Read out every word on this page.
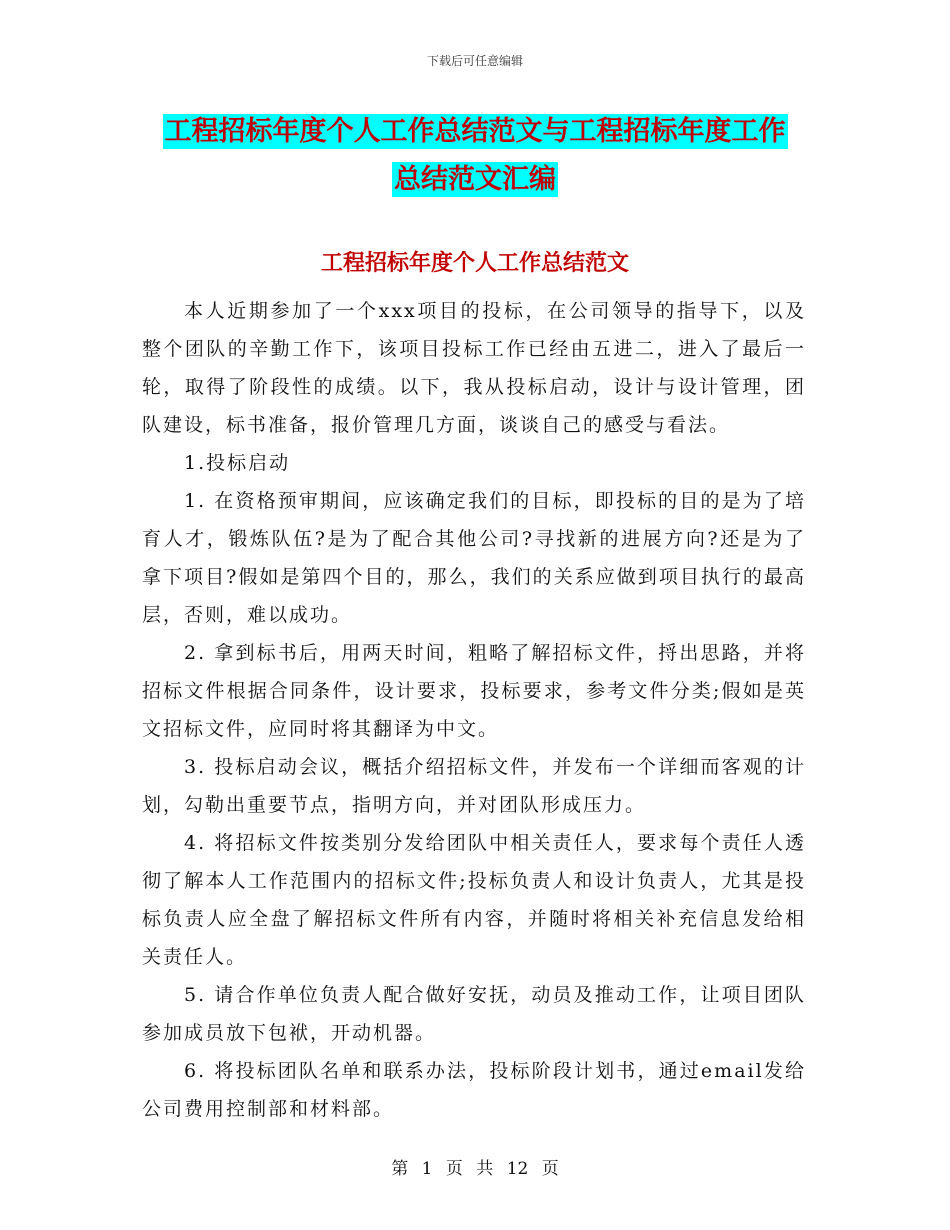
下载后可任意编辑
工程招标年度个人工作总结范文与工程招标年度工作
总结范文汇编
工程招标年度个人工作总结范文

本人近期参加了一个xxx项目的投标，在公司领导的指导下，以及整个团队的辛勤工作下，该项目投标工作已经由五进二，进入了最后一轮，取得了阶段性的成绩。以下，我从投标启动，设计与设计管理，团队建设，标书准备，报价管理几方面，谈谈自己的感受与看法。

1.投标启动

1. 在资格预审期间，应该确定我们的目标，即投标的目的是为了培育人才，锻炼队伍?是为了配合其他公司?寻找新的进展方向?还是为了拿下项目?假如是第四个目的，那么，我们的关系应做到项目执行的最高层，否则，难以成功。

2. 拿到标书后，用两天时间，粗略了解招标文件，捋出思路，并将招标文件根据合同条件，设计要求，投标要求，参考文件分类;假如是英文招标文件，应同时将其翻译为中文。

3. 投标启动会议，概括介绍招标文件，并发布一个详细而客观的计划，勾勒出重要节点，指明方向，并对团队形成压力。

4. 将招标文件按类别分发给团队中相关责任人，要求每个责任人透彻了解本人工作范围内的招标文件;投标负责人和设计负责人，尤其是投标负责人应全盘了解招标文件所有内容，并随时将相关补充信息发给相关责任人。

5. 请合作单位负责人配合做好安抚，动员及推动工作，让项目团队参加成员放下包袱，开动机器。

6. 将投标团队名单和联系办法，投标阶段计划书，通过email发给公司费用控制部和材料部。

第 1 页 共 12 页
